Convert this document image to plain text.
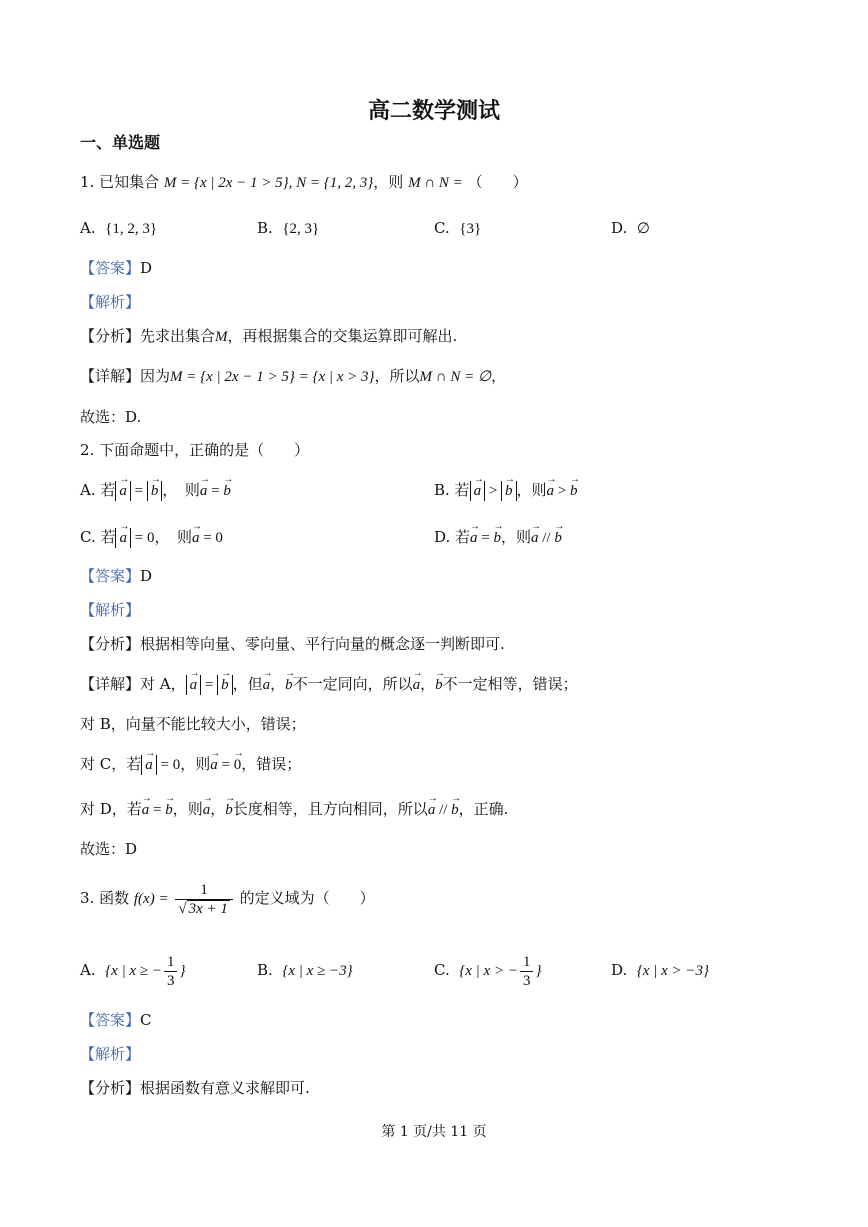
高二数学测试
一、单选题
1. 已知集合 M = {x | 2x − 1 > 5}, N = {1, 2, 3}，则 M ∩ N = （　　）
A. {1, 2, 3}	B. {2, 3}	C. {3}	D. ∅
【答案】D
【解析】
【分析】先求出集合M，再根据集合的交集运算即可解出.
【详解】因为M = {x | 2x − 1 > 5} = {x | x > 3}，所以M ∩ N = ∅，
故选：D.
2. 下面命题中，正确的是（　　）
A. 若 → a = → b ，　则→ a = → b	B. 若 → a > → b ，则→ a > → b
C. 若 → a = 0，　则→ a = 0	D. 若→ a = → b，则→ a // → b
【答案】D
【解析】
【分析】根据相等向量、零向量、平行向量的概念逐一判断即可.
【详解】对 A， → a = → b ，但→ a，→ b不一定同向，所以→ a，→ b不一定相等，错误；
对 B，向量不能比较大小，错误；
对 C，若 → a = 0，则→ a = → 0，错误；
对 D，若→ a = → b，则→ a，→ b长度相等，且方向相同，所以→ a // → b，正确.
故选：D
3. 函数 $f(x) = \frac{1}{√ 3x + 1}$ 的定义域为（　　）
A. {x | x ≥ − $\frac{1}{3}$ }	B. {x | x ≥ −3}	C. {x | x > − $\frac{1}{3}$ }	D. {x | x > −3}
【答案】C
【解析】
【分析】根据函数有意义求解即可.
第 1 页/共 11 页
